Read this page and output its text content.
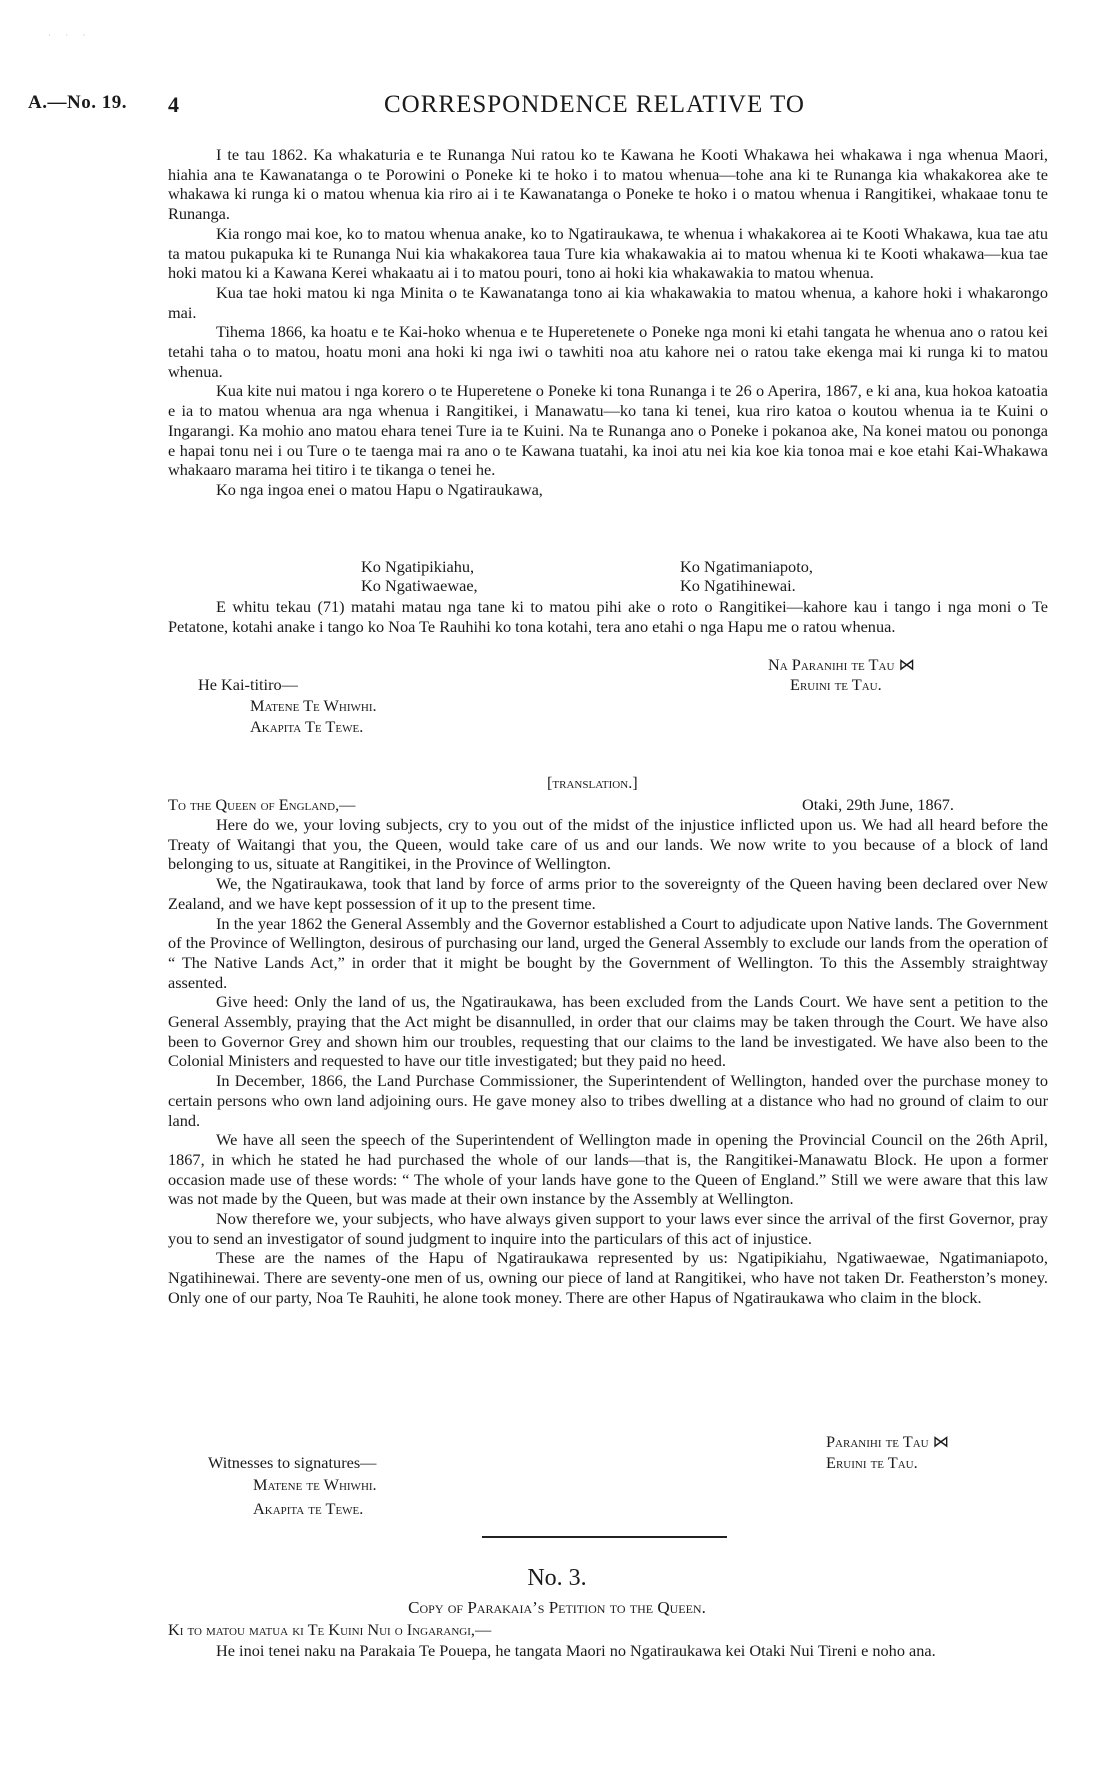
· · ·
A.—No. 19. 4	CORRESPONDENCE RELATIVE TO

I te tau 1862. Ka whakaturia e te Runanga Nui ratou ko te Kawana he Kooti Whakawa hei whakawa i nga whenua Maori, hiahia ana te Kawanatanga o te Porowini o Poneke ki te hoko i to matou whenua—tohe ana ki te Runanga kia whakakorea ake te whakawa ki runga ki o matou whenua kia riro ai i te Kawanatanga o Poneke te hoko i o matou whenua i Rangitikei, whakaae tonu te Runanga.

Kia rongo mai koe, ko to matou whenua anake, ko to Ngatiraukawa, te whenua i whakakorea ai te Kooti Whakawa, kua tae atu ta matou pukapuka ki te Runanga Nui kia whakakorea taua Ture kia whakawakia ai to matou whenua ki te Kooti whakawa—kua tae hoki matou ki a Kawana Kerei whakaatu ai i to matou pouri, tono ai hoki kia whakawakia to matou whenua.

Kua tae hoki matou ki nga Minita o te Kawanatanga tono ai kia whakawakia to matou whenua, a kahore hoki i whakarongo mai.

Tihema 1866, ka hoatu e te Kai-hoko whenua e te Huperetenete o Poneke nga moni ki etahi tangata he whenua ano o ratou kei tetahi taha o to matou, hoatu moni ana hoki ki nga iwi o tawhiti noa atu kahore nei o ratou take ekenga mai ki runga ki to matou whenua.

Kua kite nui matou i nga korero o te Huperetene o Poneke ki tona Runanga i te 26 o Aperira, 1867, e ki ana, kua hokoa katoatia e ia to matou whenua ara nga whenua i Rangitikei, i Manawatu—ko tana ki tenei, kua riro katoa o koutou whenua ia te Kuini o Ingarangi. Ka mohio ano matou ehara tenei Ture ia te Kuini. Na te Runanga ano o Poneke i pokanoa ake, Na konei matou ou pononga e hapai tonu nei i ou Ture o te taenga mai ra ano o te Kawana tuatahi, ka inoi atu nei kia koe kia tonoa mai e koe etahi Kai-Whakawa whakaaro marama hei titiro i te tikanga o tenei he.

Ko nga ingoa enei o matou Hapu o Ngatiraukawa,

Ko Ngatipikiahu,	Ko Ngatimaniapoto,
Ko Ngatiwaewae,	Ko Ngatihinewai.

E whitu tekau (71) matahi matau nga tane ki to matou pihi ake o roto o Rangitikei—kahore kau i tango i nga moni o Te Petatone, kotahi anake i tango ko Noa Te Rauhihi ko tona kotahi, tera ano etahi o nga Hapu me o ratou whenua.

Na Paranihi te Tau ⋈
Eruini te Tau.
He Kai-titiro—
Matene Te Whiwhi.
Akapita Te Tewe.
[translation.]
To the Queen of England,—	Otaki, 29th June, 1867.

Here do we, your loving subjects, cry to you out of the midst of the injustice inflicted upon us. We had all heard before the Treaty of Waitangi that you, the Queen, would take care of us and our lands. We now write to you because of a block of land belonging to us, situate at Rangitikei, in the Province of Wellington.

We, the Ngatiraukawa, took that land by force of arms prior to the sovereignty of the Queen having been declared over New Zealand, and we have kept possession of it up to the present time.

In the year 1862 the General Assembly and the Governor established a Court to adjudicate upon Native lands. The Government of the Province of Wellington, desirous of purchasing our land, urged the General Assembly to exclude our lands from the operation of “ The Native Lands Act,” in order that it might be bought by the Government of Wellington. To this the Assembly straightway assented.

Give heed: Only the land of us, the Ngatiraukawa, has been excluded from the Lands Court. We have sent a petition to the General Assembly, praying that the Act might be disannulled, in order that our claims may be taken through the Court. We have also been to Governor Grey and shown him our troubles, requesting that our claims to the land be investigated. We have also been to the Colonial Ministers and requested to have our title investigated; but they paid no heed.

In December, 1866, the Land Purchase Commissioner, the Superintendent of Wellington, handed over the purchase money to certain persons who own land adjoining ours. He gave money also to tribes dwelling at a distance who had no ground of claim to our land.

We have all seen the speech of the Superintendent of Wellington made in opening the Provincial Council on the 26th April, 1867, in which he stated he had purchased the whole of our lands—that is, the Rangitikei-Manawatu Block. He upon a former occasion made use of these words: “ The whole of your lands have gone to the Queen of England.” Still we were aware that this law was not made by the Queen, but was made at their own instance by the Assembly at Wellington.

Now therefore we, your subjects, who have always given support to your laws ever since the arrival of the first Governor, pray you to send an investigator of sound judgment to inquire into the particulars of this act of injustice.

These are the names of the Hapu of Ngatiraukawa represented by us: Ngatipikiahu, Ngatiwaewae, Ngatimaniapoto, Ngatihinewai. There are seventy-one men of us, owning our piece of land at Rangitikei, who have not taken Dr. Featherston’s money. Only one of our party, Noa Te Rauhiti, he alone took money. There are other Hapus of Ngatiraukawa who claim in the block.

Paranihi te Tau ⋈
Eruini te Tau.
Witnesses to signatures—
Matene te Whiwhi.
Akapita te Tewe.
No. 3.
Copy of Parakaia’s Petition to the Queen.
Ki to matou matua ki Te Kuini Nui o Ingarangi,—

He inoi tenei naku na Parakaia Te Pouepa, he tangata Maori no Ngatiraukawa kei Otaki Nui Tireni e noho ana.
